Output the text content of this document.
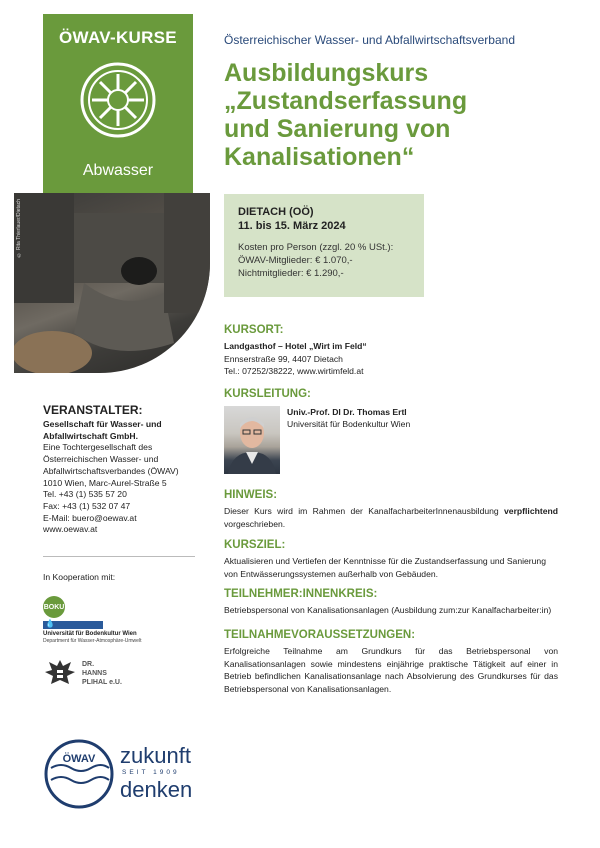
ÖWAV-KURSE
Abwasser
© Rita Thierlauer/Dietach
Österreichischer Wasser- und Abfallwirtschaftsverband
Ausbildungskurs
„Zustandserfassung
und Sanierung von
Kanalisationen“
DIETACH (OÖ)
11. bis 15. März 2024
Kosten pro Person (zzgl. 20 % USt.):
ÖWAV-Mitglieder: € 1.070,-
Nichtmitglieder: € 1.290,-
KURSORT:
Landgasthof – Hotel „Wirt im Feld“
Ennserstraße 99, 4407 Dietach
Tel.: 07252/38222, www.wirtimfeld.at
KURSLEITUNG:
Univ.-Prof. DI Dr. Thomas Ertl
Universität für Bodenkultur Wien
HINWEIS:
Dieser Kurs wird im Rahmen der KanalfacharbeiterInnenausbildung verpflichtend vorgeschrieben.
KURSZIEL:
Aktualisieren und Vertiefen der Kenntnisse für die Zustandserfassung und Sanierung von Entwässerungssystemen außerhalb von Gebäuden.
TEILNEHMER:INNENKREIS:
Betriebspersonal von Kanalisationsanlagen (Ausbildung zum:zur Kanalfacharbeiter:in)
TEILNAHMEVORAUSSETZUNGEN:
Erfolgreiche Teilnahme am Grundkurs für das Betriebspersonal von Kanalisationsanlagen sowie mindestens einjährige praktische Tätigkeit auf einer in Betrieb befindlichen Kanalisationsanlage nach Absolvierung des Grundkurses für das Betriebspersonal von Kanalisationsanlagen.
VERANSTALTER:
Gesellschaft für Wasser- und Abfallwirtschaft GmbH.
Eine Tochtergesellschaft des Österreichischen Wasser- und Abfallwirtschaftsverbandes (ÖWAV)
1010 Wien, Marc-Aurel-Straße 5
Tel. +43 (1) 535 57 20
Fax: +43 (1) 532 07 47
E-Mail: buero@oewav.at
www.oewav.at
In Kooperation mit:
BOKU
💧
Universität für Bodenkultur Wien
Department für Wasser-Atmosphäre-Umwelt
DR.
HANNS
PLIHAL e.U.
ÖWAV zukunft
SEIT 1909
denken
